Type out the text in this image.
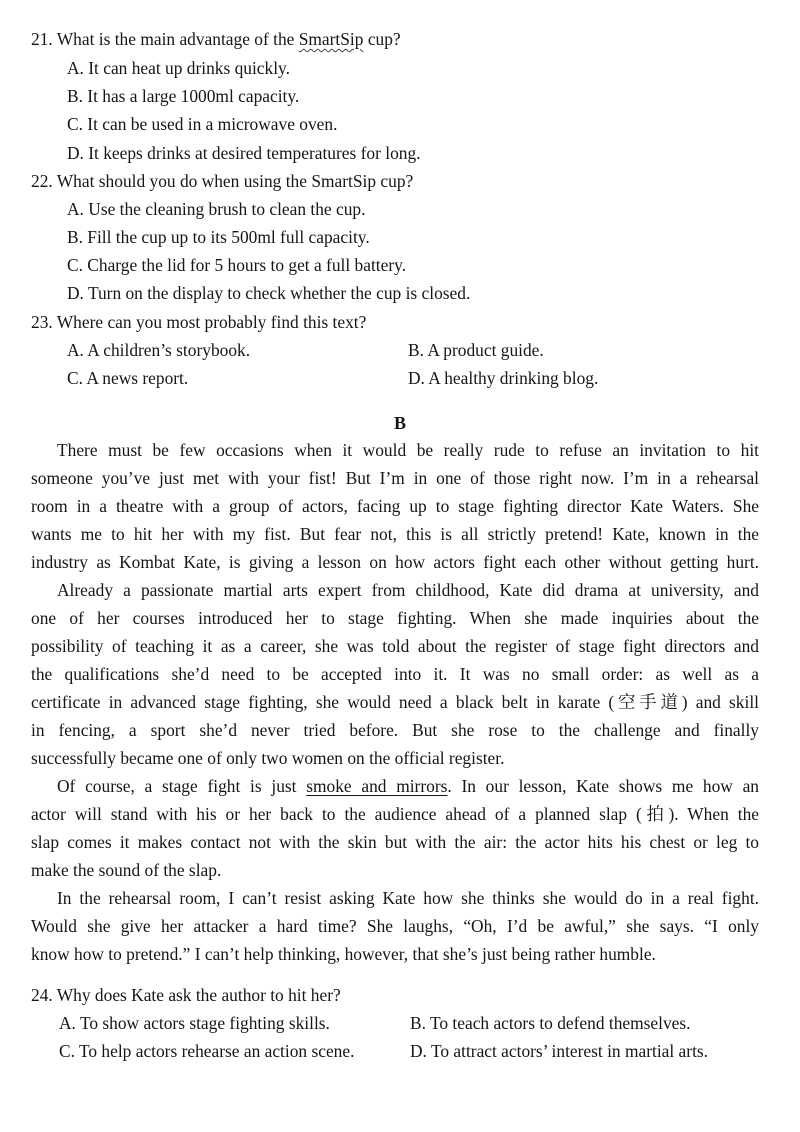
21. What is the main advantage of the SmartSip cup?
A. It can heat up drinks quickly.
B. It has a large 1000ml capacity.
C. It can be used in a microwave oven.
D. It keeps drinks at desired temperatures for long.
22. What should you do when using the SmartSip cup?
A. Use the cleaning brush to clean the cup.
B. Fill the cup up to its 500ml full capacity.
C. Charge the lid for 5 hours to get a full battery.
D. Turn on the display to check whether the cup is closed.
23. Where can you most probably find this text?
A. A children’s storybook.	B. A product guide.
C. A news report.	D. A healthy drinking blog.
B
There must be few occasions when it would be really rude to refuse an invitation to hit
someone you’ve just met with your fist! But I’m in one of those right now. I’m in a rehearsal
room in a theatre with a group of actors, facing up to stage fighting director Kate Waters. She
wants me to hit her with my fist. But fear not, this is all strictly pretend! Kate, known in the
industry as Kombat Kate, is giving a lesson on how actors fight each other without getting hurt.
Already a passionate martial arts expert from childhood, Kate did drama at university, and
one of her courses introduced her to stage fighting. When she made inquiries about the
possibility of teaching it as a career, she was told about the register of stage fight directors and
the qualifications she’d need to be accepted into it. It was no small order: as well as a
certificate in advanced stage fighting, she would need a black belt in karate (空手道) and skill
in fencing, a sport she’d never tried before. But she rose to the challenge and finally
successfully became one of only two women on the official register.
Of course, a stage fight is just smoke and mirrors. In our lesson, Kate shows me how an
actor will stand with his or her back to the audience ahead of a planned slap (拍). When the
slap comes it makes contact not with the skin but with the air: the actor hits his chest or leg to
make the sound of the slap.
In the rehearsal room, I can’t resist asking Kate how she thinks she would do in a real fight.
Would she give her attacker a hard time? She laughs, “Oh, I’d be awful,” she says. “I only
know how to pretend.” I can’t help thinking, however, that she’s just being rather humble.
24. Why does Kate ask the author to hit her?
A. To show actors stage fighting skills.	B. To teach actors to defend themselves.
C. To help actors rehearse an action scene.	D. To attract actors’ interest in martial arts.
